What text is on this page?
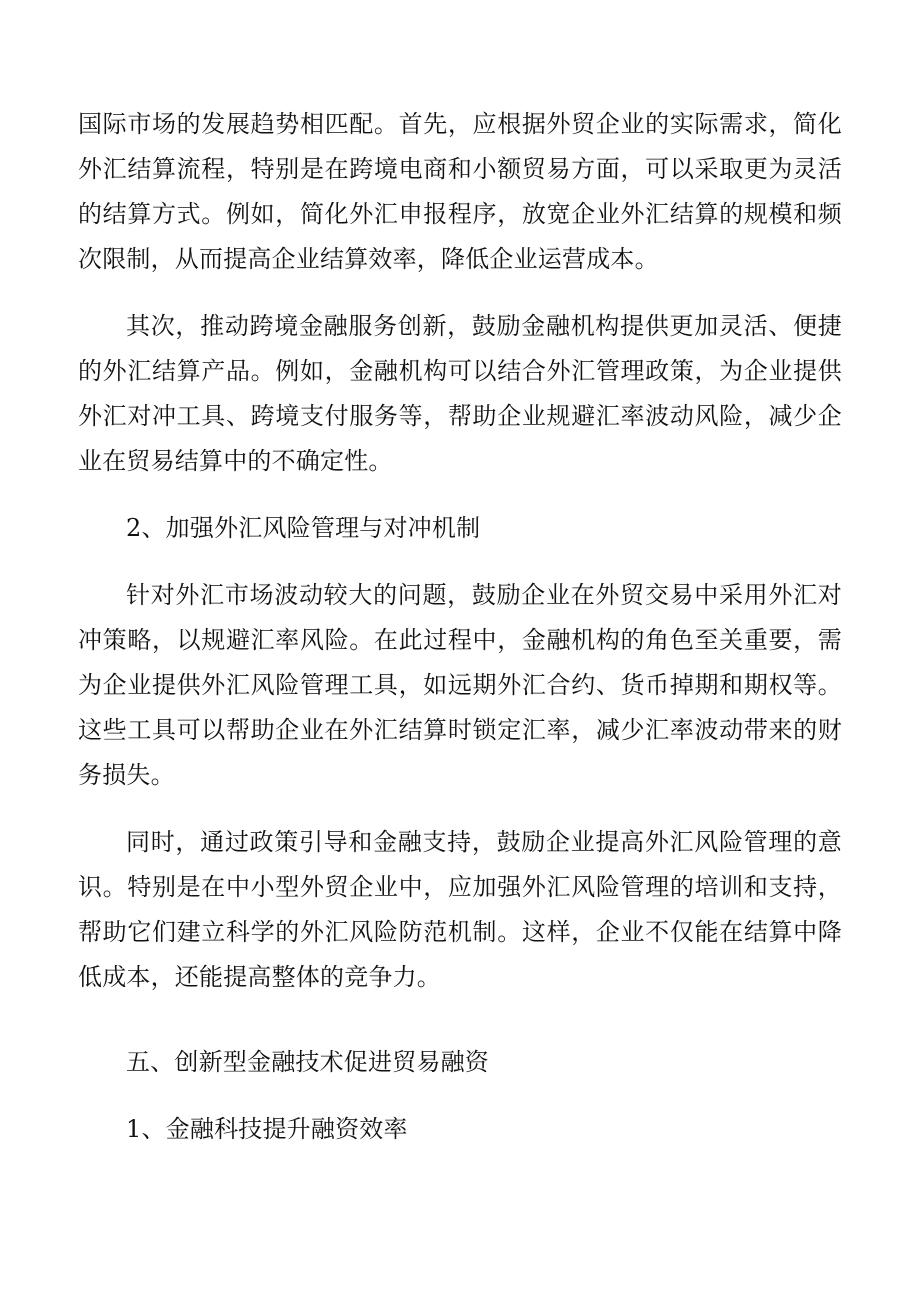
国际市场的发展趋势相匹配。首先，应根据外贸企业的实际需求，简化外汇结算流程，特别是在跨境电商和小额贸易方面，可以采取更为灵活的结算方式。例如，简化外汇申报程序，放宽企业外汇结算的规模和频次限制，从而提高企业结算效率，降低企业运营成本。

其次，推动跨境金融服务创新，鼓励金融机构提供更加灵活、便捷的外汇结算产品。例如，金融机构可以结合外汇管理政策，为企业提供外汇对冲工具、跨境支付服务等，帮助企业规避汇率波动风险，减少企业在贸易结算中的不确定性。

2、加强外汇风险管理与对冲机制

针对外汇市场波动较大的问题，鼓励企业在外贸交易中采用外汇对冲策略，以规避汇率风险。在此过程中，金融机构的角色至关重要，需为企业提供外汇风险管理工具，如远期外汇合约、货币掉期和期权等。这些工具可以帮助企业在外汇结算时锁定汇率，减少汇率波动带来的财务损失。

同时，通过政策引导和金融支持，鼓励企业提高外汇风险管理的意识。特别是在中小型外贸企业中，应加强外汇风险管理的培训和支持，帮助它们建立科学的外汇风险防范机制。这样，企业不仅能在结算中降低成本，还能提高整体的竞争力。

五、创新型金融技术促进贸易融资

1、金融科技提升融资效率
